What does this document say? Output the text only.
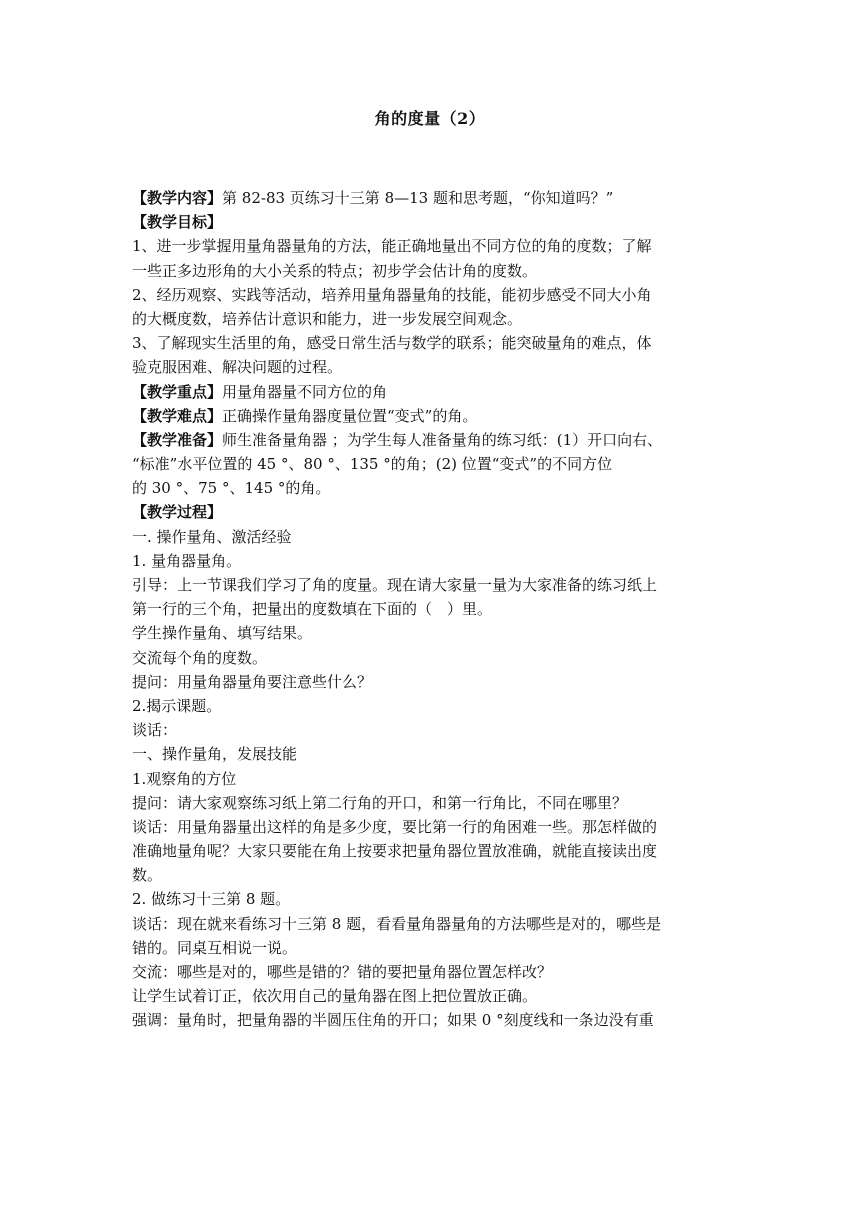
角的度量（2）
【教学内容】第 82-83 页练习十三第 8—13 题和思考题，“你知道吗？”
【教学目标】
1、进一步掌握用量角器量角的方法，能正确地量出不同方位的角的度数；了解
一些正多边形角的大小关系的特点；初步学会估计角的度数。
2、经历观察、实践等活动，培养用量角器量角的技能，能初步感受不同大小角
的大概度数，培养估计意识和能力，进一步发展空间观念。
3、了解现实生活里的角，感受日常生活与数学的联系；能突破量角的难点，体
验克服困难、解决问题的过程。
【教学重点】用量角器量不同方位的角
【教学难点】正确操作量角器度量位置“变式”的角。
【教学准备】师生准备量角器 ；为学生每人准备量角的练习纸：(1）开口向右、
“标准”水平位置的 45 °、80 °、135 °的角；(2) 位置“变式”的不同方位
的 30 °、75 °、145 °的角。
【教学过程】
一. 操作量角、激活经验
1. 量角器量角。
引导：上一节课我们学习了角的度量。现在请大家量一量为大家准备的练习纸上
第一行的三个角，把量出的度数填在下面的（　）里。
学生操作量角、填写结果。
交流每个角的度数。
提问：用量角器量角要注意些什么？
2.揭示课题。
谈话：
一、操作量角，发展技能
1.观察角的方位
提问：请大家观察练习纸上第二行角的开口，和第一行角比，不同在哪里？
谈话：用量角器量出这样的角是多少度，要比第一行的角困难一些。那怎样做的
准确地量角呢？大家只要能在角上按要求把量角器位置放准确，就能直接读出度
数。
2. 做练习十三第 8 题。
谈话：现在就来看练习十三第 8 题，看看量角器量角的方法哪些是对的，哪些是
错的。同桌互相说一说。
交流：哪些是对的，哪些是错的？错的要把量角器位置怎样改？
让学生试着订正，依次用自己的量角器在图上把位置放正确。
强调：量角时，把量角器的半圆压住角的开口；如果 0 °刻度线和一条边没有重
